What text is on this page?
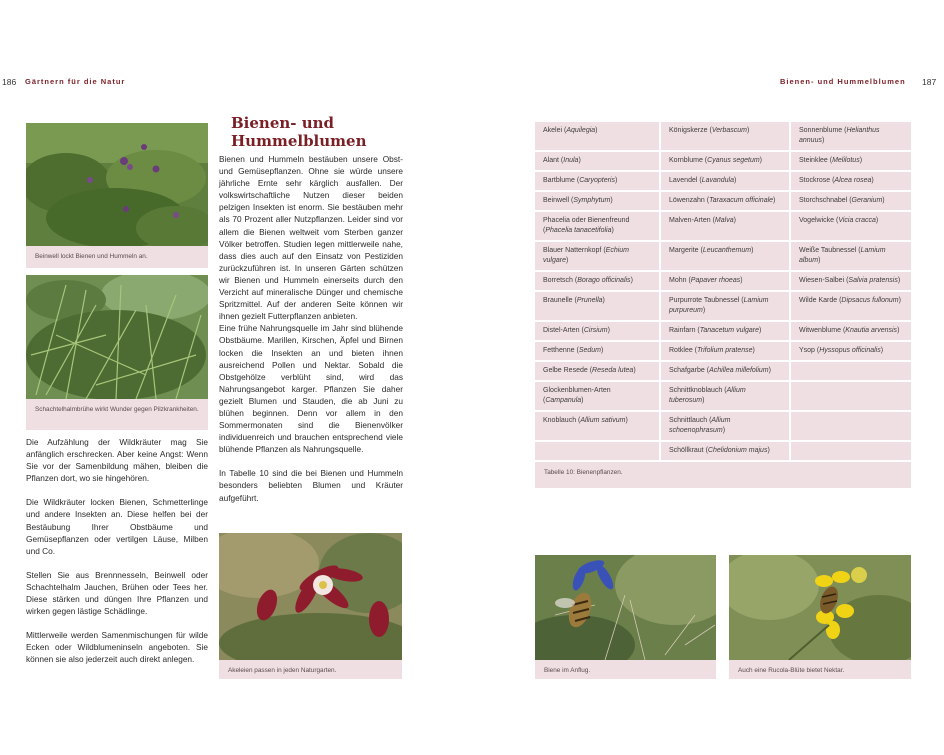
186 Gärtnern für die Natur	Bienen- und Hummelblumen 187
Beinwell lockt Bienen und Hummeln an.
Schachtelhalmbrühe wirkt Wunder gegen Pilzkrankheiten.

Die Aufzählung der Wildkräuter mag Sie anfänglich erschrecken. Aber keine Angst: Wenn Sie vor der Samenbildung mähen, bleiben die Pflanzen dort, wo sie hingehören.

Die Wildkräuter locken Bienen, Schmetterlinge und andere Insekten an. Diese helfen bei der Bestäubung Ihrer Obstbäume und Gemüsepflanzen oder vertilgen Läuse, Milben und Co.

Stellen Sie aus Brennnesseln, Beinwell oder Schachtelhalm Jauchen, Brühen oder Tees her. Diese stärken und düngen Ihre Pflanzen und wirken gegen lästige Schädlinge.

Mittlerweile werden Samenmischungen für wilde Ecken oder Wildblumeninseln angeboten. Sie können sie also jederzeit auch direkt anlegen.

Bienen- und
Hummelblumen

Bienen und Hummeln bestäuben unsere Obst- und Gemüsepflanzen. Ohne sie würde unsere jährliche Ernte sehr kärglich ausfallen. Der volkswirtschaftliche Nutzen dieser beiden pelzigen Insekten ist enorm. Sie bestäuben mehr als 70 Prozent aller Nutzpflanzen. Leider sind vor allem die Bienen weltweit vom Sterben ganzer Völker betroffen. Studien legen mittlerweile nahe, dass dies auch auf den Einsatz von Pestiziden zurückzuführen ist. In unseren Gärten schützen wir Bienen und Hummeln einerseits durch den Verzicht auf mineralische Dünger und chemische Spritzmittel. Auf der anderen Seite können wir ihnen gezielt Futterpflanzen anbieten.

Eine frühe Nahrungsquelle im Jahr sind blühende Obstbäume. Marillen, Kirschen, Äpfel und Birnen locken die Insekten an und bieten ihnen ausreichend Pollen und Nektar. Sobald die Obstgehölze verblüht sind, wird das Nahrungsangebot karger. Pflanzen Sie daher gezielt Blumen und Stauden, die ab Juni zu blühen beginnen. Denn vor allem in den Sommermonaten sind die Bienenvölker individuenreich und brauchen entsprechend viele blühende Pflanzen als Nahrungsquelle.

In Tabelle 10 sind die bei Bienen und Hummeln besonders beliebten Blumen und Kräuter aufgeführt.

Akeleien passen in jeden Naturgarten.
Akelei (Aquilegia)	Königskerze (Verbascum)	Sonnenblume (Helianthus annuus)
Alant (Inula)	Kornblume (Cyanus segetum)	Steinklee (Melilotus)
Bartblume (Caryopteris)	Lavendel (Lavandula)	Stockrose (Alcea rosea)
Beinwell (Symphytum)	Löwenzahn (Taraxacum officinale)	Storchschnabel (Geranium)
Phacelia oder Bienenfreund (Phacelia tanacetifolia)	Malven-Arten (Malva)	Vogelwicke (Vicia cracca)
Blauer Natternkopf (Echium vulgare)	Margerite (Leucanthemum)	Weiße Taubnessel (Lamium album)
Borretsch (Borago officinalis)	Mohn (Papaver rhoeas)	Wiesen-Salbei (Salvia pratensis)
Braunelle (Prunella)	Purpurrote Taubnessel (Lamium purpureum)	Wilde Karde (Dipsacus fullonum)
Distel-Arten (Cirsium)	Rainfarn (Tanacetum vulgare)	Witwenblume (Knautia arvensis)
Fetthenne (Sedum)	Rotklee (Trifolium pratense)	Ysop (Hyssopus officinalis)
Gelbe Resede (Reseda lutea)	Schafgarbe (Achillea millefolium)	
Glockenblumen-Arten (Campanula)	Schnittknoblauch (Allium tuberosum)	
Knoblauch (Allium sativum)	Schnittlauch (Allium schoenophrasum)	
	Schöllkraut (Chelidonium majus)	
Tabelle 10: Bienenpflanzen.
Biene im Anflug.	Auch eine Rucola-Blüte bietet Nektar.
